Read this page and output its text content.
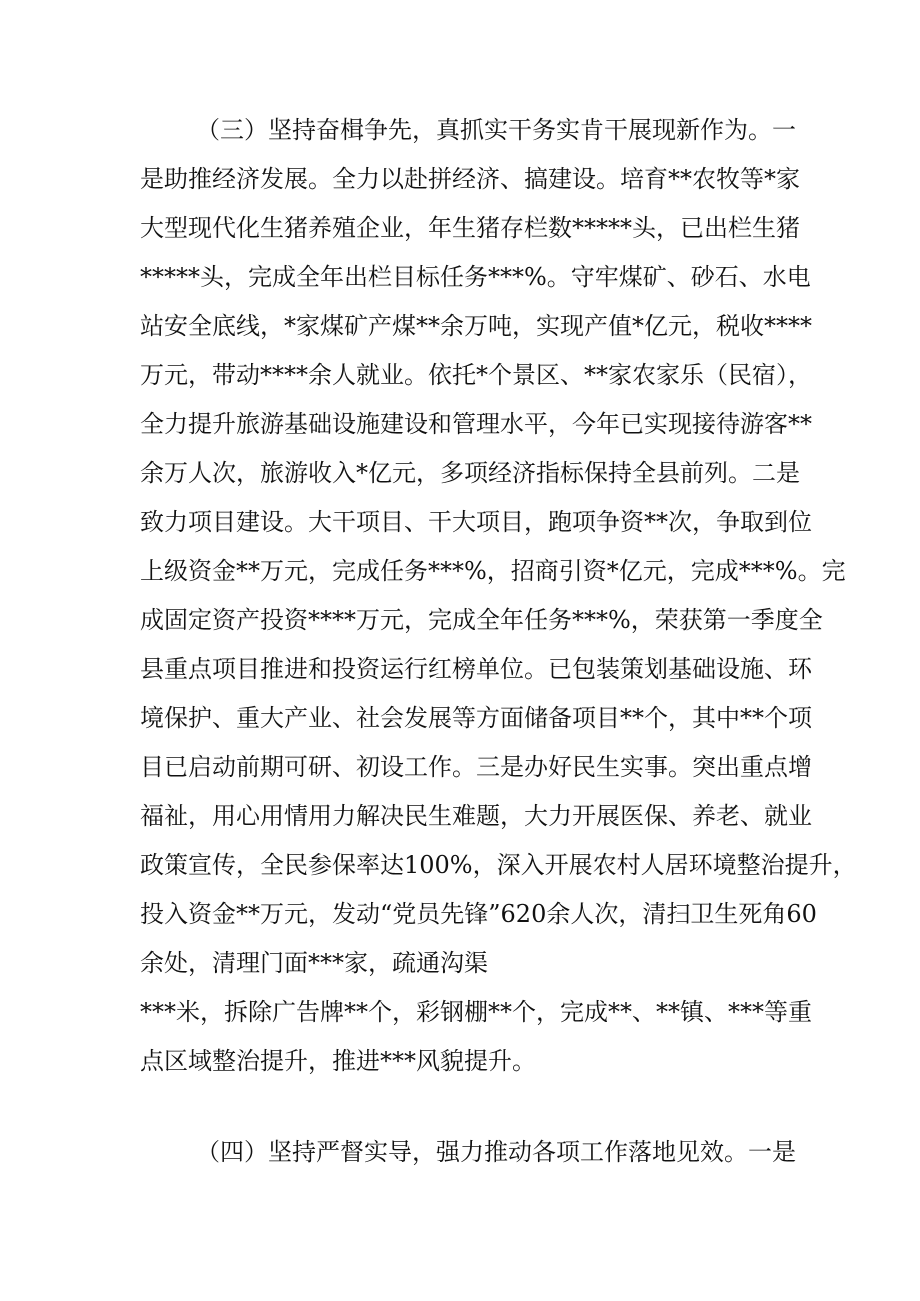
（三）坚持奋楫争先，真抓实干务实肯干展现新作为。一
是助推经济发展。全力以赴拼经济、搞建设。培育**农牧等*家
大型现代化生猪养殖企业，年生猪存栏数*****头，已出栏生猪
*****头，完成全年出栏目标任务***%。守牢煤矿、砂石、水电
站安全底线，*家煤矿产煤**余万吨，实现产值*亿元，税收****
万元，带动****余人就业。依托*个景区、**家农家乐（民宿），
全力提升旅游基础设施建设和管理水平，今年已实现接待游客**
余万人次，旅游收入*亿元，多项经济指标保持全县前列。二是
致力项目建设。大干项目、干大项目，跑项争资**次，争取到位
上级资金**万元，完成任务***%，招商引资*亿元，完成***%。完
成固定资产投资****万元，完成全年任务***%，荣获第一季度全
县重点项目推进和投资运行红榜单位。已包装策划基础设施、环
境保护、重大产业、社会发展等方面储备项目**个，其中**个项
目已启动前期可研、初设工作。三是办好民生实事。突出重点增
福祉，用心用情用力解决民生难题，大力开展医保、养老、就业
政策宣传，全民参保率达100%，深入开展农村人居环境整治提升，
投入资金**万元，发动“党员先锋”620余人次，清扫卫生死角60
余处，清理门面***家，疏通沟渠
***米，拆除广告牌**个，彩钢棚**个，完成**、**镇、***等重
点区域整治提升，推进***风貌提升。
（四）坚持严督实导，强力推动各项工作落地见效。一是
